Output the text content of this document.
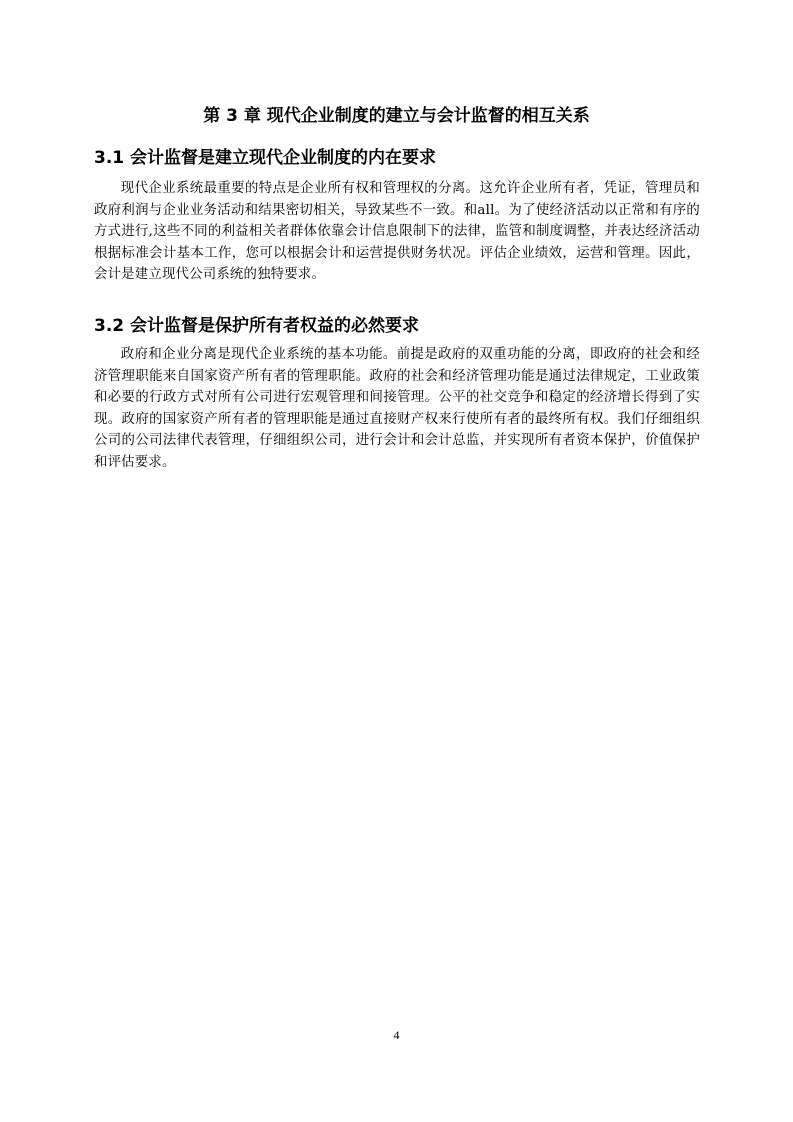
第 3 章 现代企业制度的建立与会计监督的相互关系
3.1 会计监督是建立现代企业制度的内在要求

现代企业系统最重要的特点是企业所有权和管理权的分离。这允许企业所有者，凭证，管理员和政府利润与企业业务活动和结果密切相关，导致某些不一致。和all。为了使经济活动以正常和有序的方式进行,这些不同的利益相关者群体依靠会计信息限制下的法律，监管和制度调整，并表达经济活动根据标准会计基本工作，您可以根据会计和运营提供财务状况。评估企业绩效，运营和管理。因此，会计是建立现代公司系统的独特要求。

3.2 会计监督是保护所有者权益的必然要求

政府和企业分离是现代企业系统的基本功能。前提是政府的双重功能的分离，即政府的社会和经济管理职能来自国家资产所有者的管理职能。政府的社会和经济管理功能是通过法律规定，工业政策和必要的行政方式对所有公司进行宏观管理和间接管理。公平的社交竞争和稳定的经济增长得到了实现。政府的国家资产所有者的管理职能是通过直接财产权来行使所有者的最终所有权。我们仔细组织公司的公司法律代表管理，仔细组织公司，进行会计和会计总监，并实现所有者资本保护，价值保护和评估要求。

4
